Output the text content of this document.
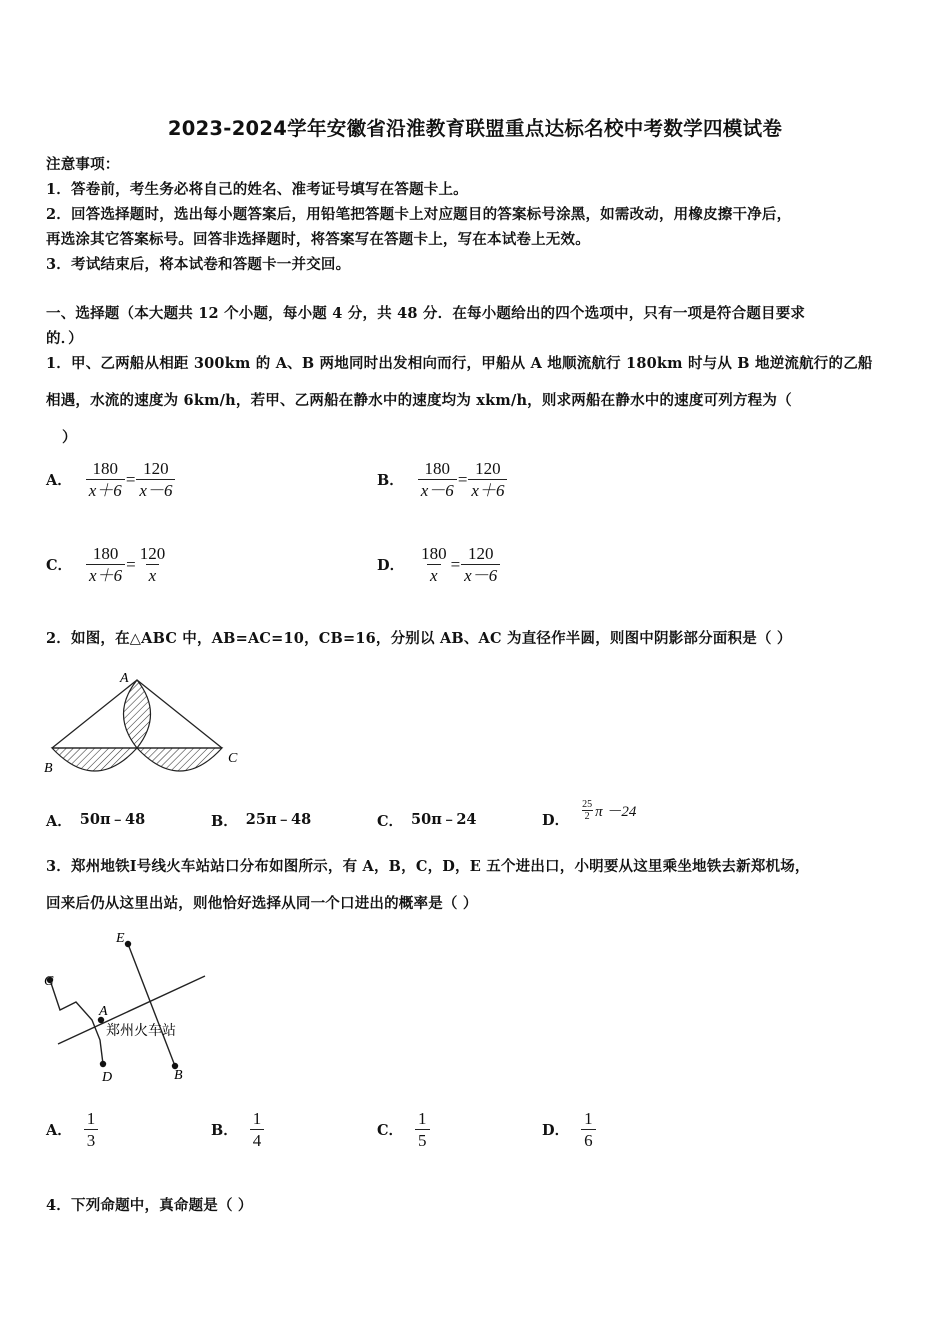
2023-2024学年安徽省沿淮教育联盟重点达标名校中考数学四模试卷
注意事项：
1．答卷前，考生务必将自己的姓名、准考证号填写在答题卡上。
2．回答选择题时，选出每小题答案后，用铅笔把答题卡上对应题目的答案标号涂黑，如需改动，用橡皮擦干净后，
再选涂其它答案标号。回答非选择题时，将答案写在答题卡上，写在本试卷上无效。
3．考试结束后，将本试卷和答题卡一并交回。
一、选择题（本大题共 12 个小题，每小题 4 分，共 48 分．在每小题给出的四个选项中，只有一项是符合题目要求
的．）
1．甲、乙两船从相距 300km 的 A、B 两地同时出发相向而行，甲船从 A 地顺流航行 180km 时与从 B 地逆流航行的乙船
相遇，水流的速度为 6km/h，若甲、乙两船在静水中的速度均为 xkm/h，则求两船在静水中的速度可列方程为（
）
A． $\frac{180}{x+6} = \frac{120}{x-6}$	B． $\frac{180}{x-6} = \frac{120}{x+6}$
C． $\frac{180}{x+6} = \frac{120}{x}$	D． $\frac{180}{x} = \frac{120}{x-6}$
2．如图，在△ABC 中，AB=AC=10，CB=16，分别以 AB、AC 为直径作半圆，则图中阴影部分面积是（ ）
A
B
C
A． 50π﹣48	B． 25π﹣48	C． 50π﹣24	D． $\frac{25}{2}$ π －24
3．郑州地铁Ⅰ号线火车站站口分布如图所示，有 A，B，C，D，E 五个进出口，小明要从这里乘坐地铁去新郑机场，
回来后仍从这里出站，则他恰好选择从同一个口进出的概率是（ ）
E
C
A
D	B
郑州火车站
A． $\frac{1}{3}$	B． $\frac{1}{4}$	C． $\frac{1}{5}$	D． $\frac{1}{6}$
4．下列命题中，真命题是（ ）
